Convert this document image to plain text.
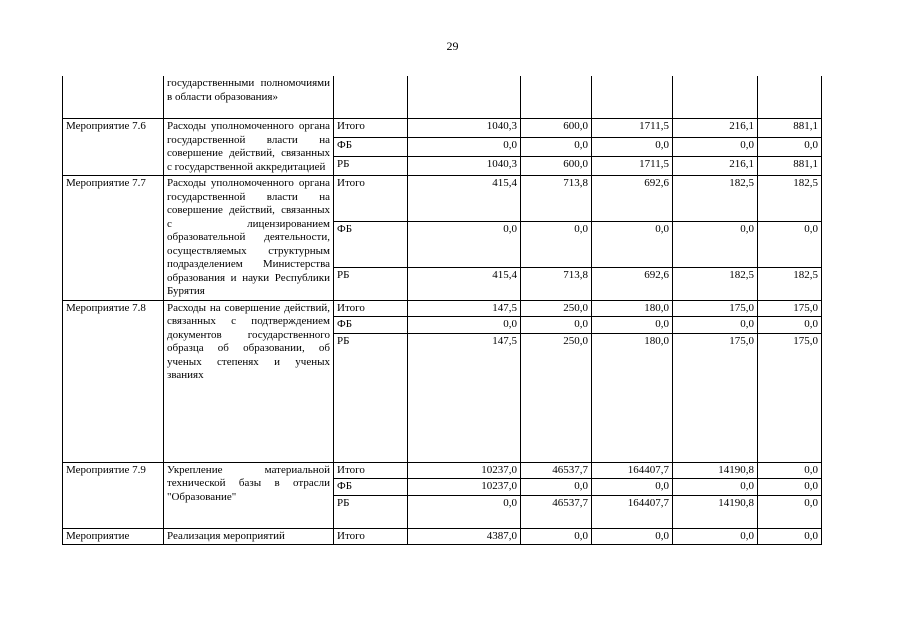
29

	государственными полномочиями в области образования»						

Мероприятие 7.6	Расходы уполномоченного органа государственной власти на совершение действий, связанных с государственной аккредитацией	Итого	1040,3	600,0	1711,5	216,1	881,1
		ФБ	0,0	0,0	0,0	0,0	0,0
		РБ	1040,3	600,0	1711,5	216,1	881,1
Мероприятие 7.7	Расходы уполномоченного органа государственной власти на совершение действий, связанных с лицензированием образовательной деятельности, осуществляемых структурным подразделением Министерства образования и науки Республики Бурятия	Итого	415,4	713,8	692,6	182,5	182,5
		ФБ	0,0	0,0	0,0	0,0	0,0
		РБ	415,4	713,8	692,6	182,5	182,5
Мероприятие 7.8	Расходы на совершение действий, связанных с подтверждением документов государственного образца об образовании, об ученых степенях и ученых званиях	Итого	147,5	250,0	180,0	175,0	175,0
		ФБ	0,0	0,0	0,0	0,0	0,0
		РБ	147,5	250,0	180,0	175,0	175,0
Мероприятие 7.9	Укрепление материальной технической базы в отрасли "Образование"	Итого	10237,0	46537,7	164407,7	14190,8	0,0
		ФБ	10237,0	0,0	0,0	0,0	0,0
		РБ	0,0	46537,7	164407,7	14190,8	0,0
Мероприятие	Реализация мероприятий	Итого	4387,0	0,0	0,0	0,0	0,0
